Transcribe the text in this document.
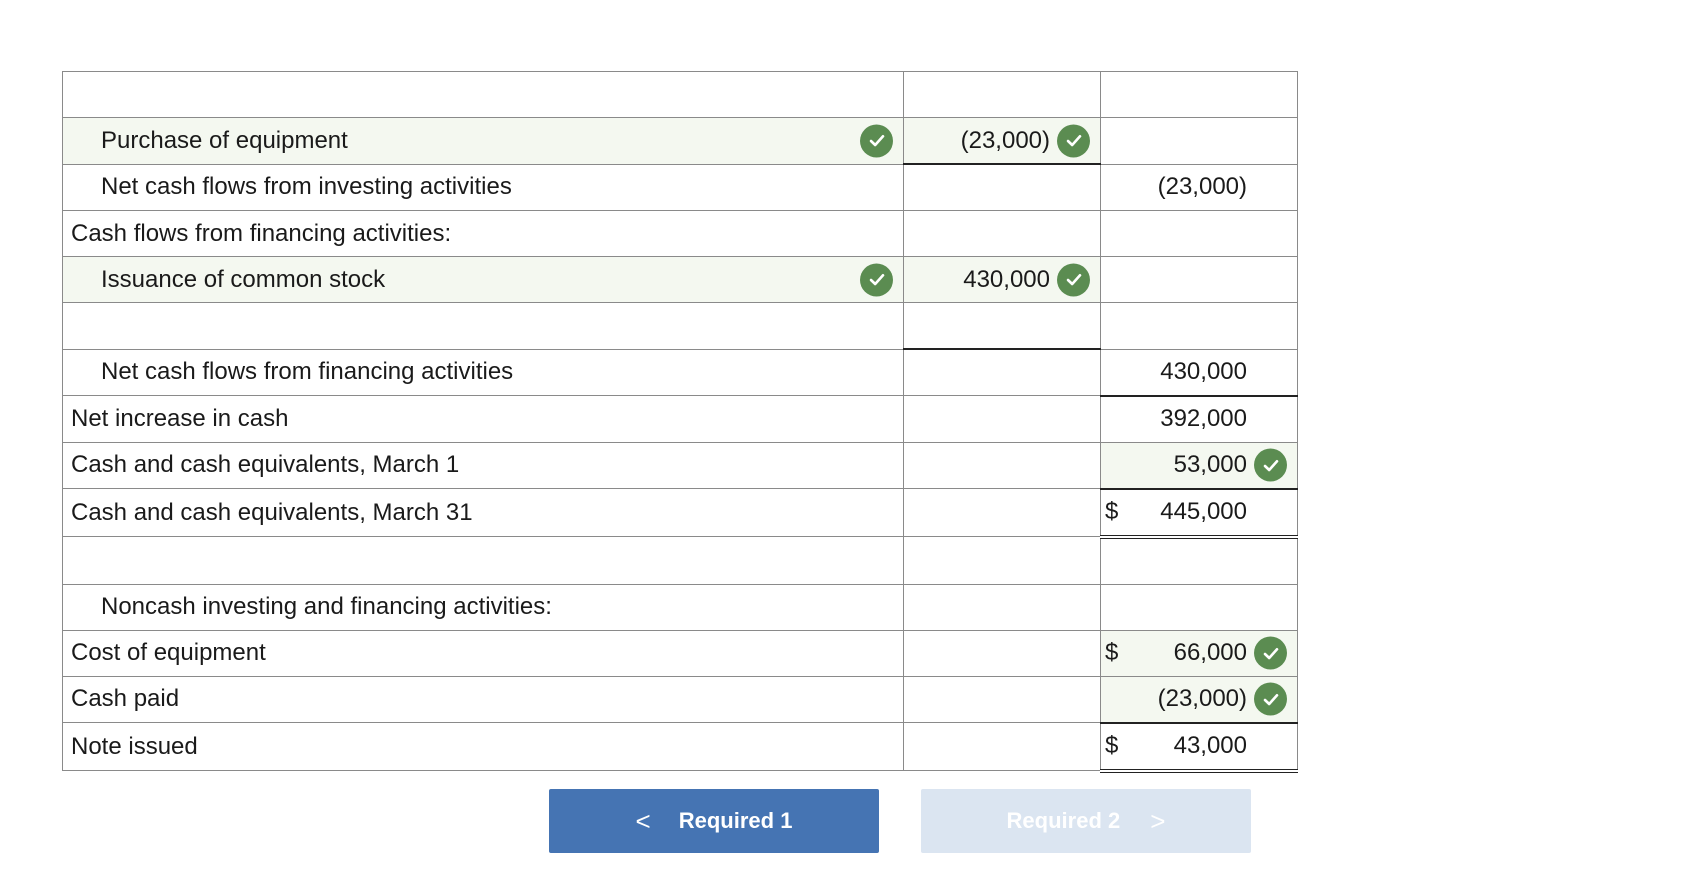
Purchase of equipment	(23,000)	

Net cash flows from investing activities		(23,000)

Cash flows from financing activities:		

Issuance of common stock	430,000	

Net cash flows from financing activities		430,000

Net increase in cash		392,000

Cash and cash equivalents, March 1		53,000

Cash and cash equivalents, March 31		$ 445,000

Noncash investing and financing activities:		

Cost of equipment		$ 66,000

Cash paid		(23,000)

Note issued		$ 43,000
< Required 1	Required 2 >
